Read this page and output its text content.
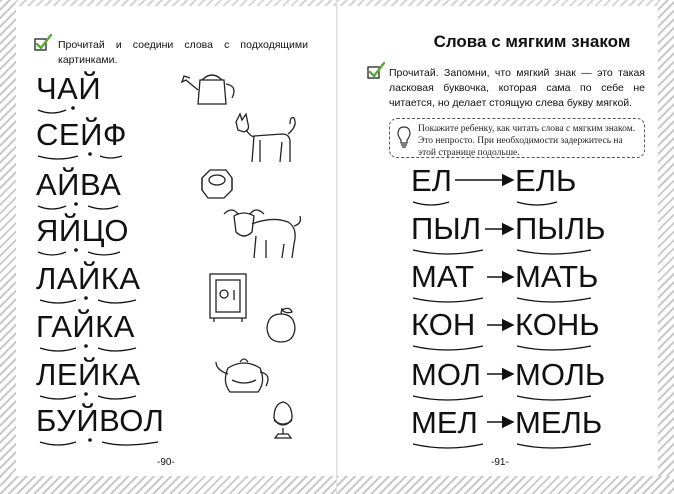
Прочитай и соедини слова с подходящими картинками.
ЧАЙ
СЕЙФ
АЙВА
ЯЙЦО
ЛАЙКА
ГАЙКА
ЛЕЙКА
БУЙВОЛ
-90-
Слова с мягким знаком
Прочитай. Запомни, что мягкий знак — это такая ласковая буквочка, которая сама по себе не читается, но делает стоящую слева букву мягкой.
Покажите ребенку, как читать слова с мягким знаком. Это непросто. При необходимости задержитесь на этой странице подольше.
ЕЛ ЕЛЬ
ПЫЛ ПЫЛЬ
МАТ МАТЬ
КОН КОНЬ
МОЛ МОЛЬ
МЕЛ МЕЛЬ
-91-
